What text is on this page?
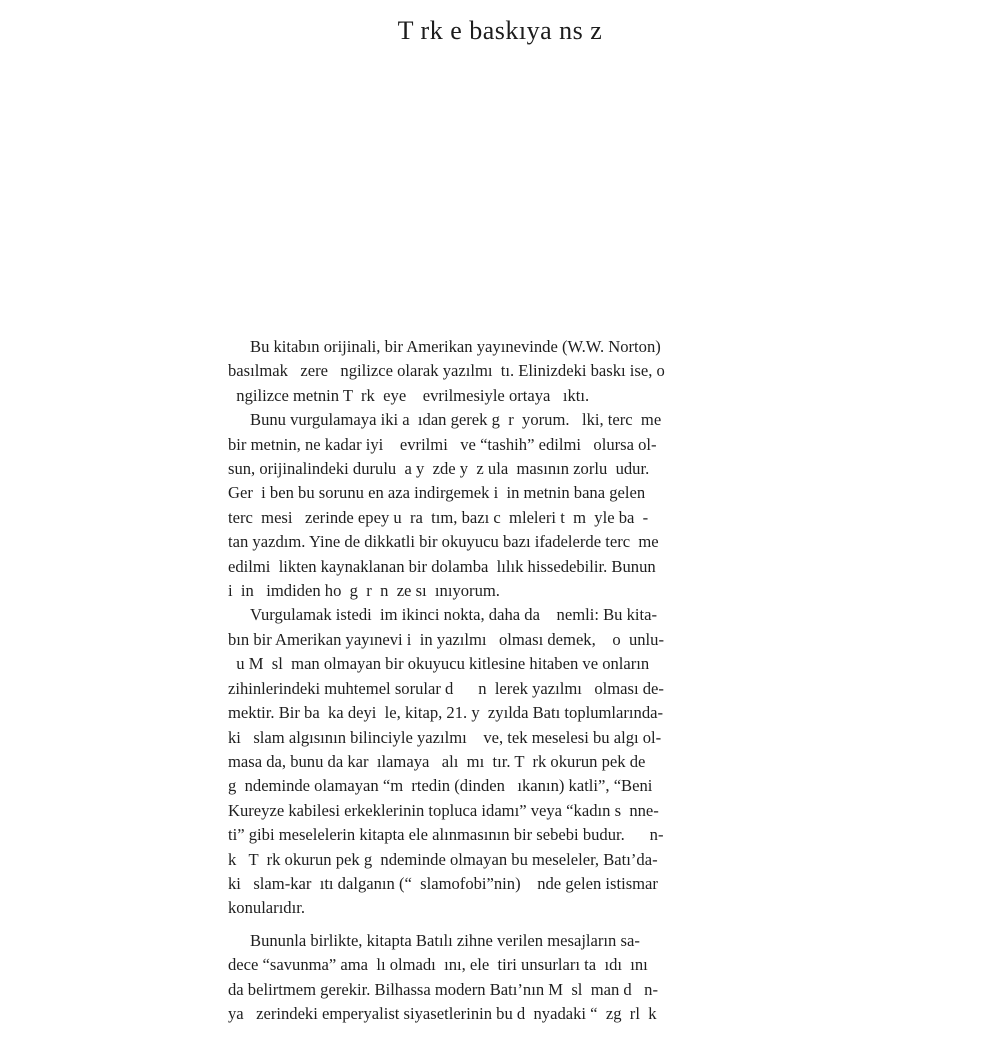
T rk e baskıya ns z
Bu kitabın orijinali, bir Amerikan yayınevinde (W.W. Norton)
basılmak   zere   ngilizce olarak yazılmı  tı. Elinizdeki baskı ise, o
ngilizce metnin T  rk  eye    evrilmesiyle ortaya   ıktı.
Bunu vurgulamaya iki a  ıdan gerek g  r  yorum.   lki, terc  me
bir metnin, ne kadar iyi    evrilmi   ve “tashih” edilmi   olursa ol-
sun, orijinalindeki durulu  a y  zde y  z ula  masının zorlu  udur.
Ger  i ben bu sorunu en aza indirgemek i  in metnin bana gelen
terc  mesi   zerinde epey u  ra  tım, bazı c  mleleri t  m  yle ba  -
tan yazdım. Yine de dikkatli bir okuyucu bazı ifadelerde terc  me
edilmi  likten kaynaklanan bir dolamba  lılık hissedebilir. Bunun
i  in   imdiden ho  g  r  n  ze sı  ınıyorum.
Vurgulamak istedi  im ikinci nokta, daha da    nemli: Bu kita-
bın bir Amerikan yayınevi i  in yazılmı   olması demek,    o  unlu-
u M  sl  man olmayan bir okuyucu kitlesine hitaben ve onların
zihinlerindeki muhtemel sorular d      n  lerek yazılmı   olması de-
mektir. Bir ba  ka deyi  le, kitap, 21. y  zyılda Batı toplumlarında-
ki   slam algısının bilinciyle yazılmı    ve, tek meselesi bu algı ol-
masa da, bunu da kar  ılamaya   alı  mı  tır. T  rk okurun pek de
g  ndeminde olamayan “m  rtedin (dinden   ıkanın) katli”, “Beni
Kureyze kabilesi erkeklerinin topluca idamı” veya “kadın s  nne-
ti” gibi meselelerin kitapta ele alınmasının bir sebebi budur.      n-
k   T  rk okurun pek g  ndeminde olmayan bu meseleler, Batı’da-
ki   slam-kar  ıtı dalganın (“  slamofobi”nin)    nde gelen istismar
konularıdır.
Bununla birlikte, kitapta Batılı zihne verilen mesajların sa-
dece “savunma” ama  lı olmadı  ını, ele  tiri unsurları ta  ıdı  ını
da belirtmem gerekir. Bilhassa modern Batı’nın M  sl  man d   n-
ya   zerindeki emperyalist siyasetlerinin bu d  nyadaki “  zg  rl  k
